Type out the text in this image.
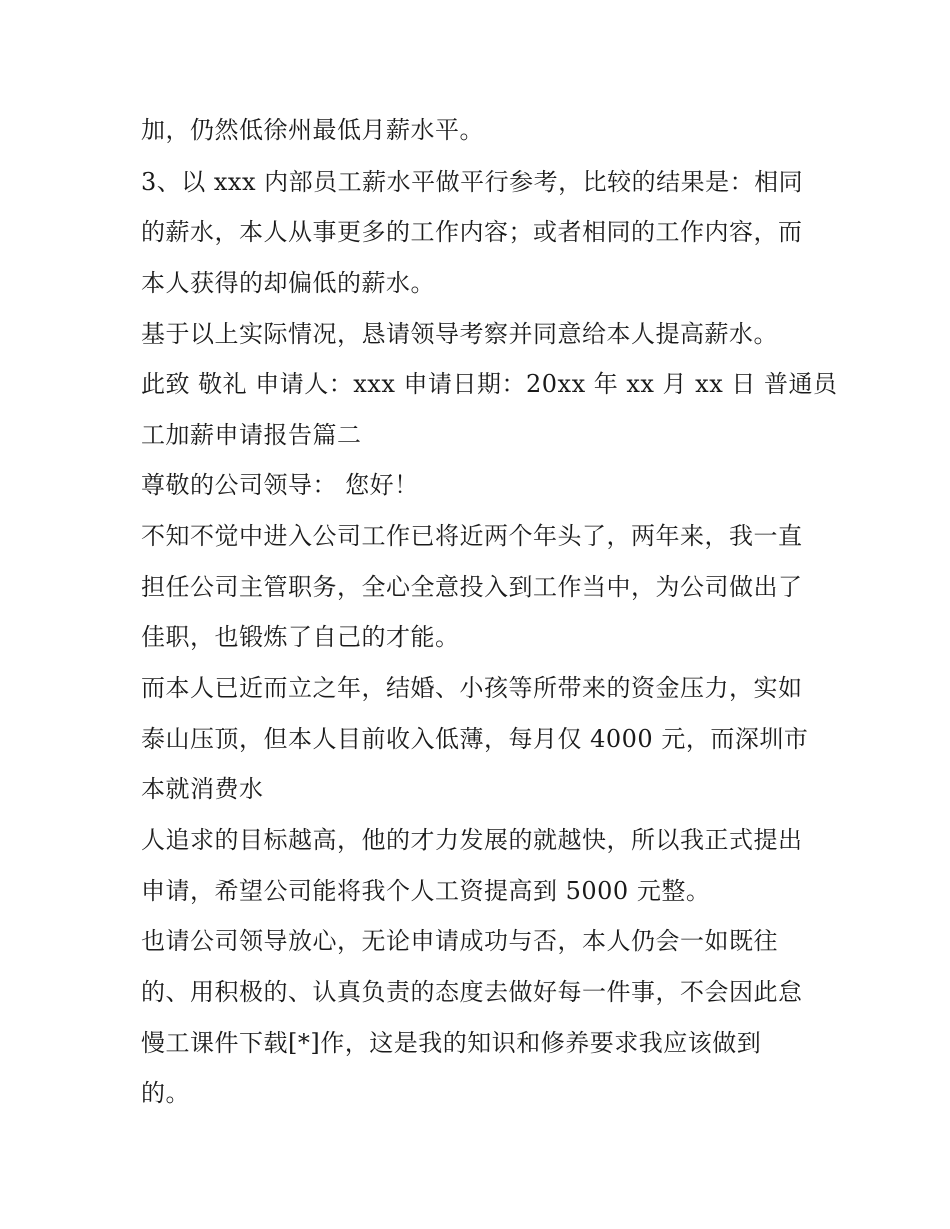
加，仍然低徐州最低月薪水平。
3、以 xxx 内部员工薪水平做平行参考，比较的结果是：相同
的薪水，本人从事更多的工作内容；或者相同的工作内容，而
本人获得的却偏低的薪水。
基于以上实际情况，恳请领导考察并同意给本人提高薪水。
此致 敬礼 申请人：xxx 申请日期：20xx 年 xx 月 xx 日 普通员
工加薪申请报告篇二
尊敬的公司领导： 您好！
不知不觉中进入公司工作已将近两个年头了，两年来，我一直
担任公司主管职务，全心全意投入到工作当中，为公司做出了
佳职，也锻炼了自己的才能。
而本人已近而立之年，结婚、小孩等所带来的资金压力，实如
泰山压顶，但本人目前收入低薄，每月仅 4000 元，而深圳市
本就消费水
人追求的目标越高，他的才力发展的就越快，所以我正式提出
申请，希望公司能将我个人工资提高到 5000 元整。
也请公司领导放心，无论申请成功与否，本人仍会一如既往
的、用积极的、认真负责的态度去做好每一件事，不会因此怠
慢工课件下载[*]作，这是我的知识和修养要求我应该做到
的。
